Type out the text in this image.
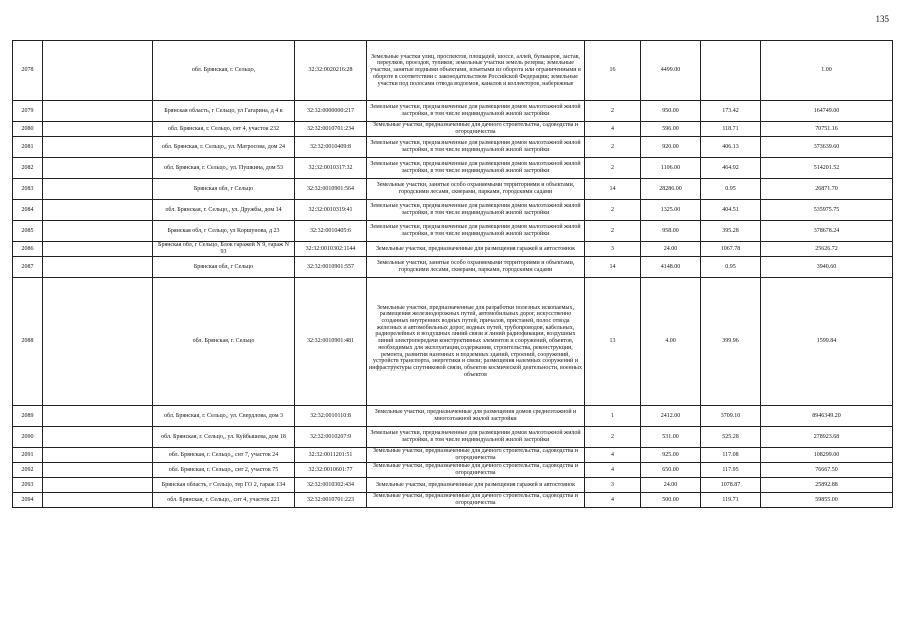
135
2078		обл. Брянская, г. Сельцо,	32:32:0020216:28	Земельные участки улиц, проспектов, площадей, шоссе, аллей, бульваров, застав, переулков, проездов, тупиков; земельные участки земель резерва; земельные участки, занятые водными объектами, изъятыми из оборота или ограниченными в обороте в соответствии с законодательством Российской Федерации; земельные участки под полосами отвода водоемов, каналов и коллекторов, набережные	16	4499.00		1.00
2079		Брянская область, г Сельцо, ул Гагарина, д 4 к	32:32:0000000:217	Земельные участки, предназначенные для размещения домов малоэтажной жилой застройки, в том числе индивидуальной жилой застройки	2	950.00	173.42	164749.00
2080		обл. Брянская, г. Сельцо, снт 4, участок 232	32:32:0010701:234	Земельные участки, предназначенные для дачного строительства, садоводства и огородничества	4	596.00	118.71	70751.16
2081		обл. Брянская, г. Сельцо,, ул. Матросова, дом 24	32:32:0010409:8	Земельные участки, предназначенные для размещения домов малоэтажной жилой застройки, в том числе индивидуальной жилой застройки	2	920.00	406.13	373639.60
2082		обл. Брянская, г. Сельцо,, ул. Пушкина, дом 53	32:32:0010317:32	Земельные участки, предназначенные для размещения домов малоэтажной жилой застройки, в том числе индивидуальной жилой застройки	2	1106.00	464.92	514201.52
2083		Брянская обл, г Сельцо	32:32:0010901:564	Земельные участки, занятые особо охраняемыми территориями и объектами, городскими лесами, скверами, парками, городскими садами	14	28286.00	0.95	26871.70
2084		обл. Брянская, г. Сельцо,, ул. Дружбы, дом 14	32:32:0010319:41	Земельные участки, предназначенные для размещения домов малоэтажной жилой застройки, в том числе индивидуальной жилой застройки	2	1325.00	404.51	535975.75
2085		Брянская обл, г Сельцо, ул Коршунова, д 23	32:32:0010405:6	Земельные участки, предназначенные для размещения домов малоэтажной жилой застройки, в том числе индивидуальной жилой застройки	2	958.00	395.28	378678.24
2086		Брянская обл, г Сельцо, Блок гаражей N 9, гараж N 93	32:32:0010302:1144	Земельные участки, предназначенные для размещения гаражей и автостоянок	3	24.00	1067.78	25626.72
2087		Брянская обл, г Сельцо	32:32:0010901:557	Земельные участки, занятые особо охраняемыми территориями и объектами, городскими лесами, скверами, парками, городскими садами	14	4148.00	0.95	3940.60
2088		обл. Брянская, г. Сельцо	32:32:0010901:481	Земельные участки, предназначенные для разработки полезных ископаемых, размещения железнодорожных путей, автомобильных дорог, искусственно созданных внутренних водных путей, причалов, пристаней, полос отвода железных и автомобильных дорог, водных путей, трубопроводов, кабельных, радиорелейных и воздушных линий связи и линий радиофикации, воздушных линий электропередачи конструктивных элементов и сооружений, объектов, необходимых для эксплуатации,содержания, строительства, реконструкции, ремонта, развития наземных и подземных зданий, строений, сооружений, устройств транспорта, энергетики и связи; размещения наземных сооружений и инфраструктуры спутниковой связи, объектов космической деятельности, военных объектов	13	4.00	399.96	1599.84
2089		обл. Брянская, г. Сельцо,, ул. Свердлова, дом 3	32:32:0010110:8	Земельные участки, предназначенные для размещения домов среднеэтажной и многоэтажной жилой застройки	1	2412.00	3709.10	8946349.20
2090		обл. Брянская, г. Сельцо,, ул. Куйбышева, дом 18	32:32:0010207:9	Земельные участки, предназначенные для размещения домов малоэтажной жилой застройки, в том числе индивидуальной жилой застройки	2	531.00	525.28	278923.68
2091		обл. Брянская, г. Сельцо,, снт 7, участок 24	32:32:0011201:51	Земельные участки, предназначенные для дачного строительства, садоводства и огородничества	4	925.00	117.08	108299.00
2092		обл. Брянская, г. Сельцо,, снт 2, участок 75	32:32:0010601:77	Земельные участки, предназначенные для дачного строительства, садоводства и огородничества	4	650.00	117.95	76667.50
2093		Брянская область, г Сельцо, тер ГО 2, гараж 134	32:32:0010302:434	Земельные участки, предназначенные для размещения гаражей и автостоянок	3	24.00	1078.87	25892.88
2094		обл. Брянская, г. Сельцо,, снт 4, участок 221	32:32:0010701:223	Земельные участки, предназначенные для дачного строительства, садоводства и огородничества	4	500.00	119.71	59855.00
